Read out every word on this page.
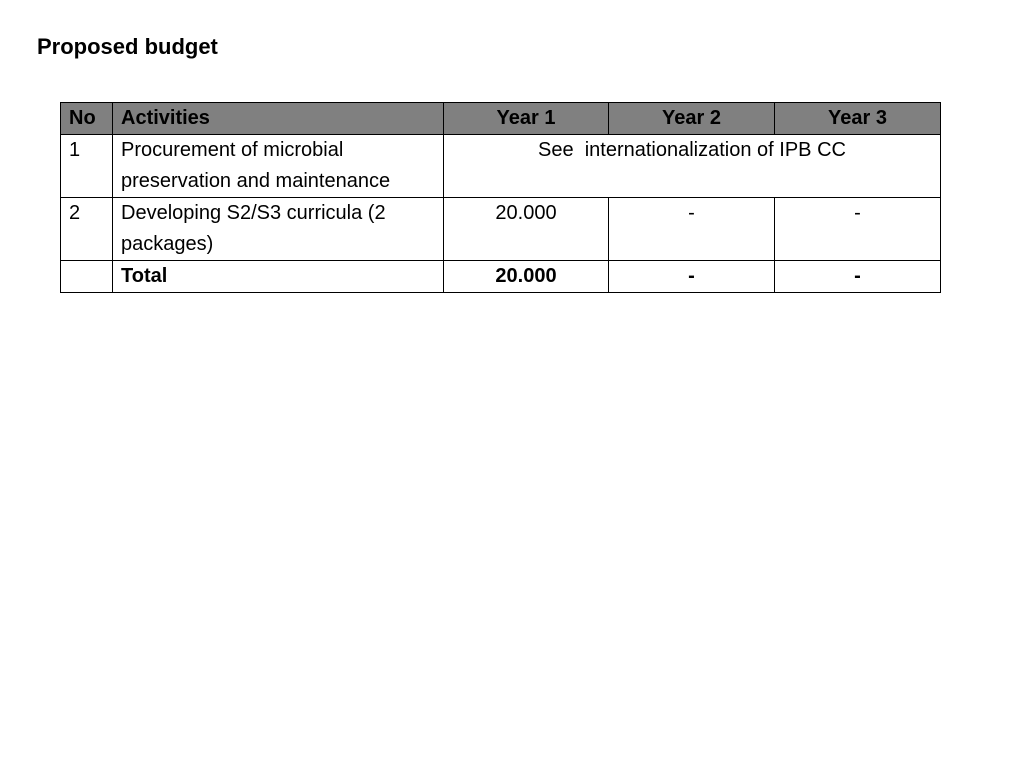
Proposed budget
No	Activities	Year 1	Year 2	Year 3
1	Procurement of microbial preservation and maintenance	See  internationalization of IPB CC		
2	Developing S2/S3 curricula (2 packages)	20.000	-	-
	Total	20.000	-	-
